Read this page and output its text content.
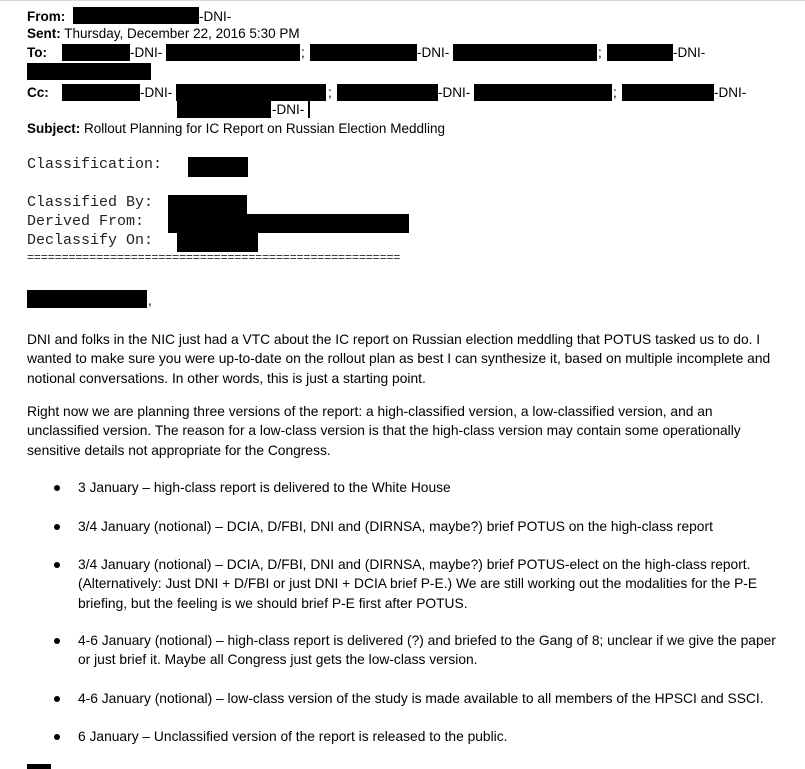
From:	-DNI-
Sent: Thursday, December 22, 2016 5:30 PM
To:	-DNI-	;	-DNI-	;	-DNI-
Cc:	-DNI-	;	-DNI-	;	-DNI-
-DNI-
Subject: Rollout Planning for IC Report on Russian Election Meddling
Classification:
Classified By:
Derived From:
Declassify On:
======================================================
,

DNI and folks in the NIC just had a VTC about the IC report on Russian election meddling that POTUS tasked us to do. I wanted to make sure you were up-to-date on the rollout plan as best I can synthesize it, based on multiple incomplete and notional conversations. In other words, this is just a starting point.

Right now we are planning three versions of the report: a high-classified version, a low-classified version, and an unclassified version. The reason for a low-class version is that the high-class version may contain some operationally sensitive details not appropriate for the Congress.

3 January – high-class report is delivered to the White House
3/4 January (notional) – DCIA, D/FBI, DNI and (DIRNSA, maybe?) brief POTUS on the high-class report
3/4 January (notional) – DCIA, D/FBI, DNI and (DIRNSA, maybe?) brief POTUS-elect on the high-class report. (Alternatively: Just DNI + D/FBI or just DNI + DCIA brief P-E.) We are still working out the modalities for the P-E briefing, but the feeling is we should brief P-E first after POTUS.
4-6 January (notional) – high-class report is delivered (?) and briefed to the Gang of 8; unclear if we give the paper or just brief it. Maybe all Congress just gets the low-class version.
4-6 January (notional) – low-class version of the study is made available to all members of the HPSCI and SSCI.
6 January – Unclassified version of the report is released to the public.
